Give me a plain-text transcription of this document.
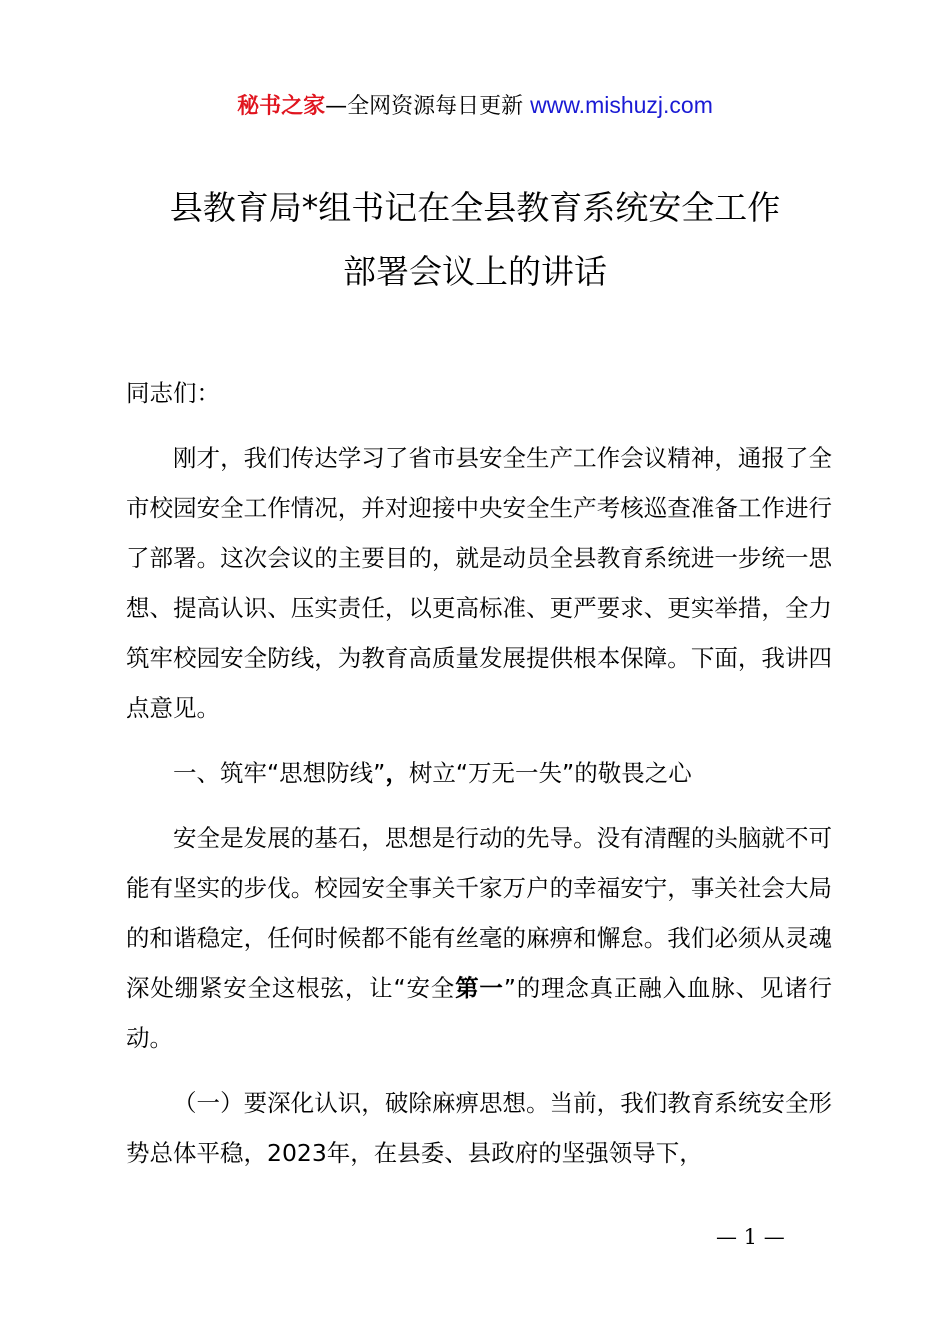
秘书之家—全网资源每日更新 www.mishuzj.com
县教育局*组书记在全县教育系统安全工作
部署会议上的讲话

同志们：

刚才，我们传达学习了省市县安全生产工作会议精神，通报了全市校园安全工作情况，并对迎接中央安全生产考核巡查准备工作进行了部署。这次会议的主要目的，就是动员全县教育系统进一步统一思想、提高认识、压实责任，以更高标准、更严要求、更实举措，全力筑牢校园安全防线，为教育高质量发展提供根本保障。下面，我讲四点意见。

一、筑牢“思想防线”，树立“万无一失”的敬畏之心

安全是发展的基石，思想是行动的先导。没有清醒的头脑就不可能有坚实的步伐。校园安全事关千家万户的幸福安宁，事关社会大局的和谐稳定，任何时候都不能有丝毫的麻痹和懈怠。我们必须从灵魂深处绷紧安全这根弦，让“安全第一”的理念真正融入血脉、见诸行动。

（一）要深化认识，破除麻痹思想。当前，我们教育系统安全形势总体平稳，2023年，在县委、县政府的坚强领导下，

— 1 —
